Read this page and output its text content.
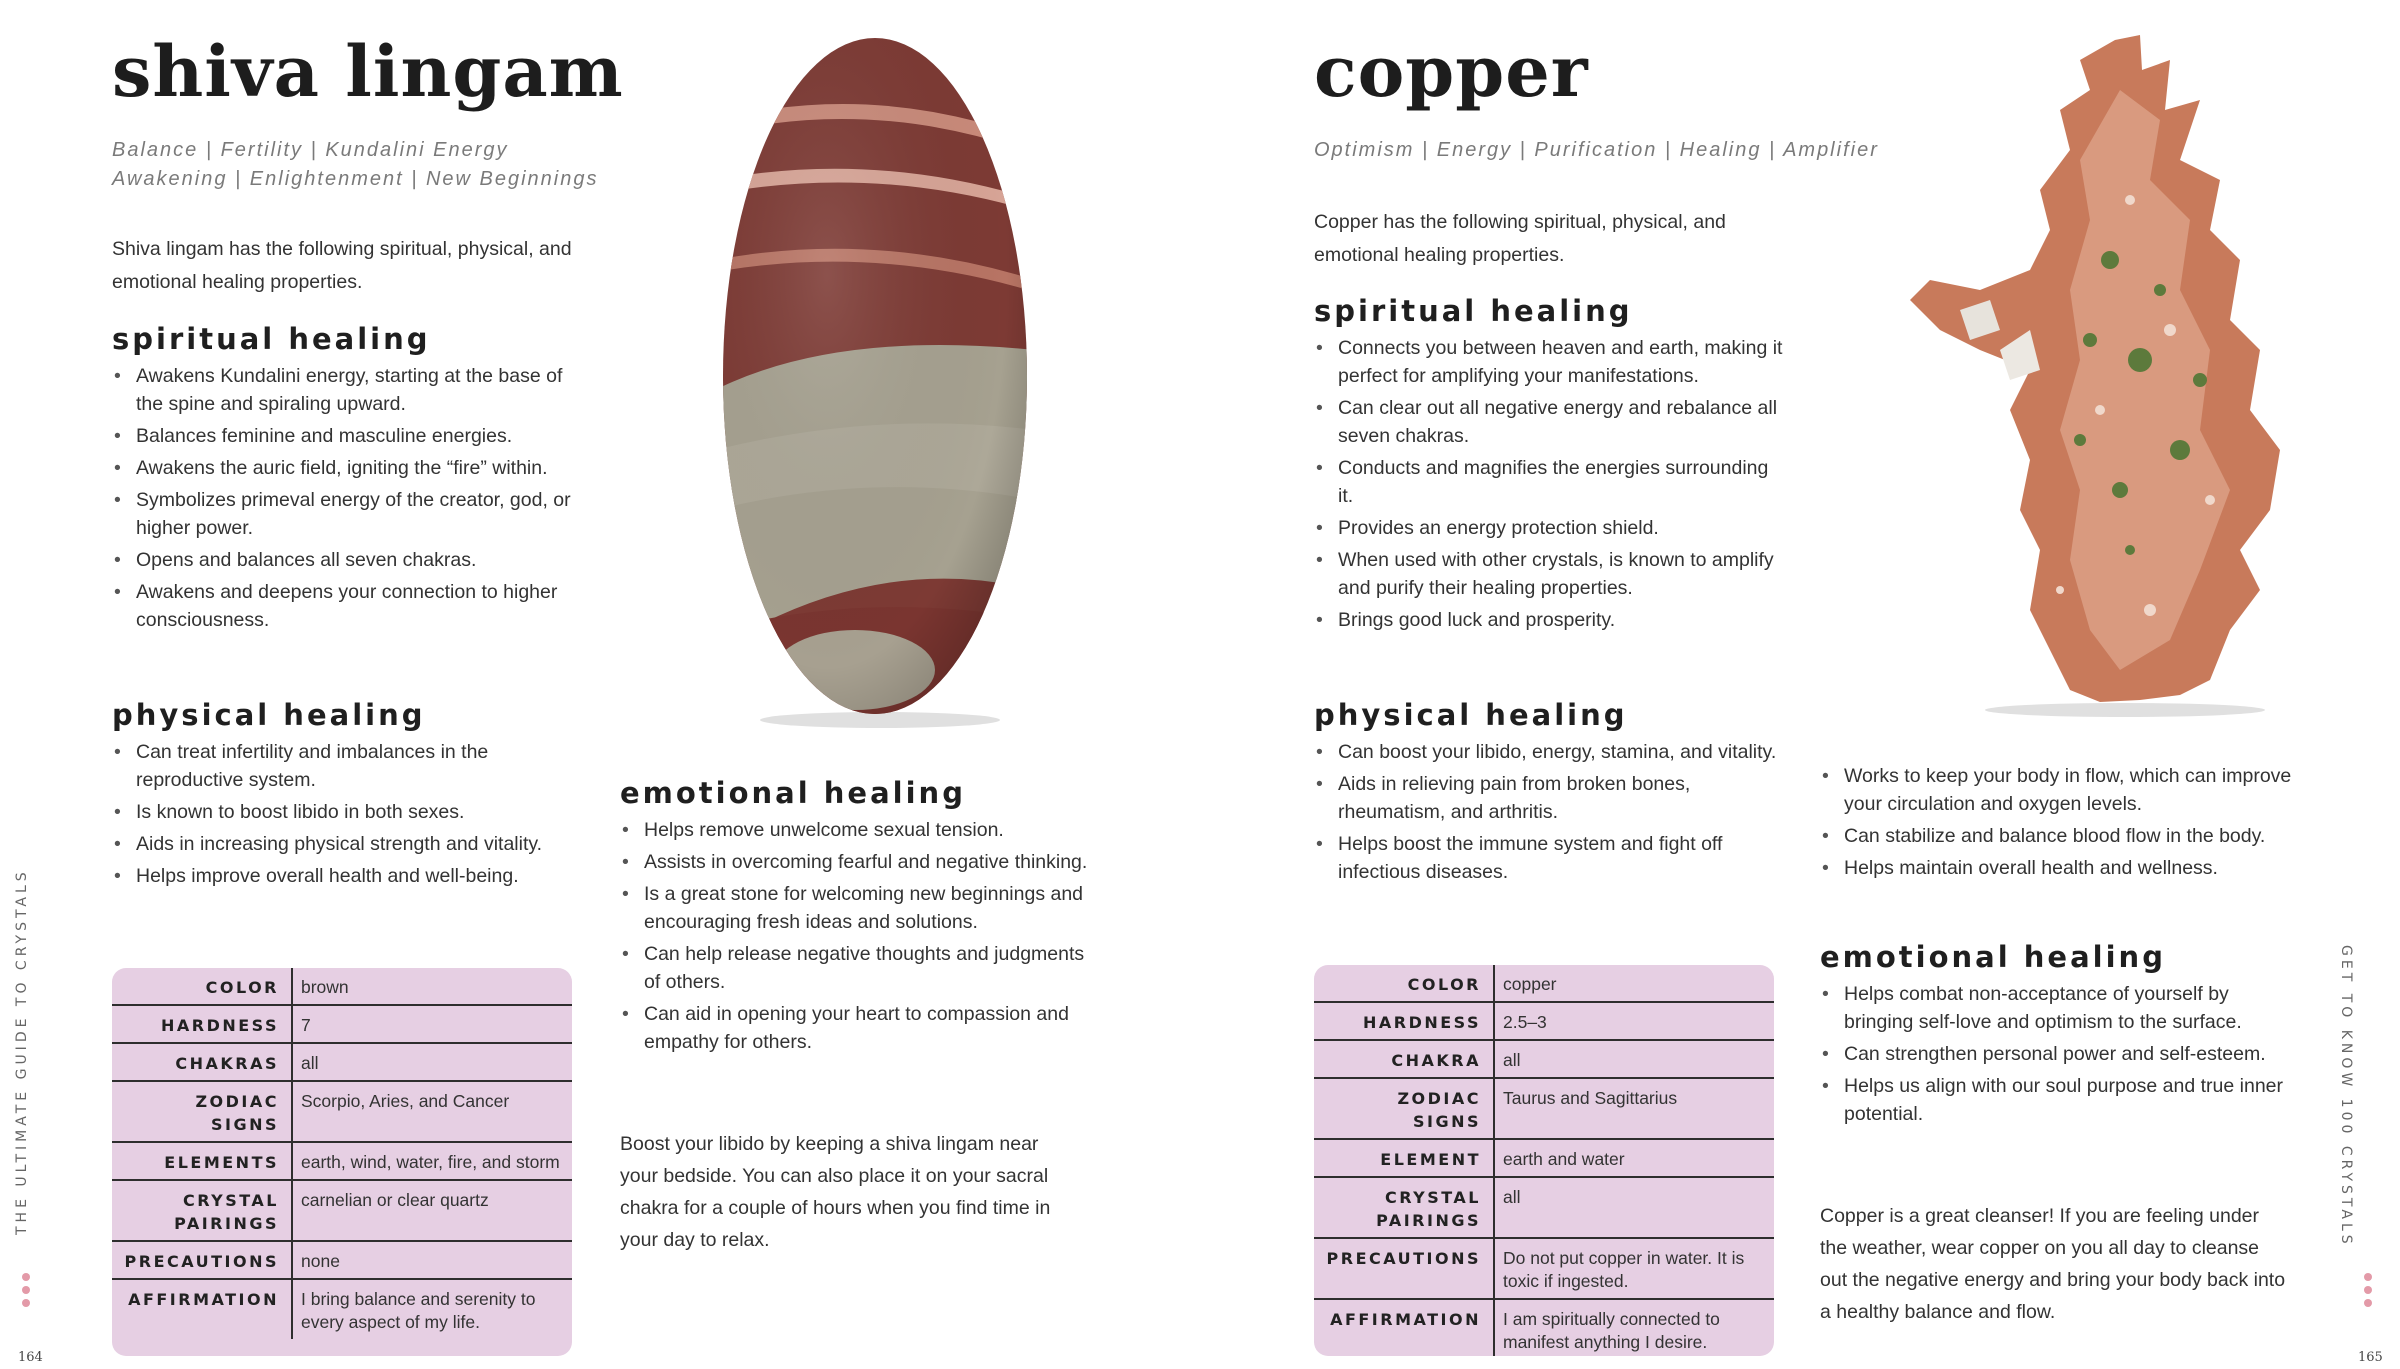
shiva lingam
Balance | Fertility | Kundalini Energy
Awakening | Enlightenment | New Beginnings
Shiva lingam has the following spiritual, physical, and emotional healing properties.
spiritual healing
• Awakens Kundalini energy, starting at the base of the spine and spiraling upward.
• Balances feminine and masculine energies.
• Awakens the auric field, igniting the “fire” within.
• Symbolizes primeval energy of the creator, god, or higher power.
• Opens and balances all seven chakras.
• Awakens and deepens your connection to higher consciousness.
physical healing
• Can treat infertility and imbalances in the reproductive system.
• Is known to boost libido in both sexes.
• Aids in increasing physical strength and vitality.
• Helps improve overall health and well-being.
COLOR	brown
HARDNESS	7
CHAKRAS	all
ZODIAC SIGNS	Scorpio, Aries, and Cancer
ELEMENTS	earth, wind, water, fire, and storm
CRYSTAL PAIRINGS	carnelian or clear quartz
PRECAUTIONS	none
AFFIRMATION	I bring balance and serenity to every aspect of my life.
emotional healing
• Helps remove unwelcome sexual tension.
• Assists in overcoming fearful and negative thinking.
• Is a great stone for welcoming new beginnings and encouraging fresh ideas and solutions.
• Can help release negative thoughts and judgments of others.
• Can aid in opening your heart to compassion and empathy for others.
Boost your libido by keeping a shiva lingam near your bedside. You can also place it on your sacral chakra for a couple of hours when you find time in your day to relax.
THE ULTIMATE GUIDE TO CRYSTALS
164
copper
Optimism | Energy | Purification | Healing | Amplifier
Copper has the following spiritual, physical, and emotional healing properties.
spiritual healing
• Connects you between heaven and earth, making it perfect for amplifying your manifestations.
• Can clear out all negative energy and rebalance all seven chakras.
• Conducts and magnifies the energies surrounding it.
• Provides an energy protection shield.
• When used with other crystals, is known to amplify and purify their healing properties.
• Brings good luck and prosperity.
physical healing
• Can boost your libido, energy, stamina, and vitality.
• Aids in relieving pain from broken bones, rheumatism, and arthritis.
• Helps boost the immune system and fight off infectious diseases.
COLOR	copper
HARDNESS	2.5–3
CHAKRA	all
ZODIAC SIGNS	Taurus and Sagittarius
ELEMENT	earth and water
CRYSTAL PAIRINGS	all
PRECAUTIONS	Do not put copper in water. It is toxic if ingested.
AFFIRMATION	I am spiritually connected to manifest anything I desire.
• Works to keep your body in flow, which can improve your circulation and oxygen levels.
• Can stabilize and balance blood flow in the body.
• Helps maintain overall health and wellness.
emotional healing
• Helps combat non-acceptance of yourself by bringing self-love and optimism to the surface.
• Can strengthen personal power and self-esteem.
• Helps us align with our soul purpose and true inner potential.
Copper is a great cleanser! If you are feeling under the weather, wear copper on you all day to cleanse out the negative energy and bring your body back into a healthy balance and flow.
GET TO KNOW 100 CRYSTALS
165
